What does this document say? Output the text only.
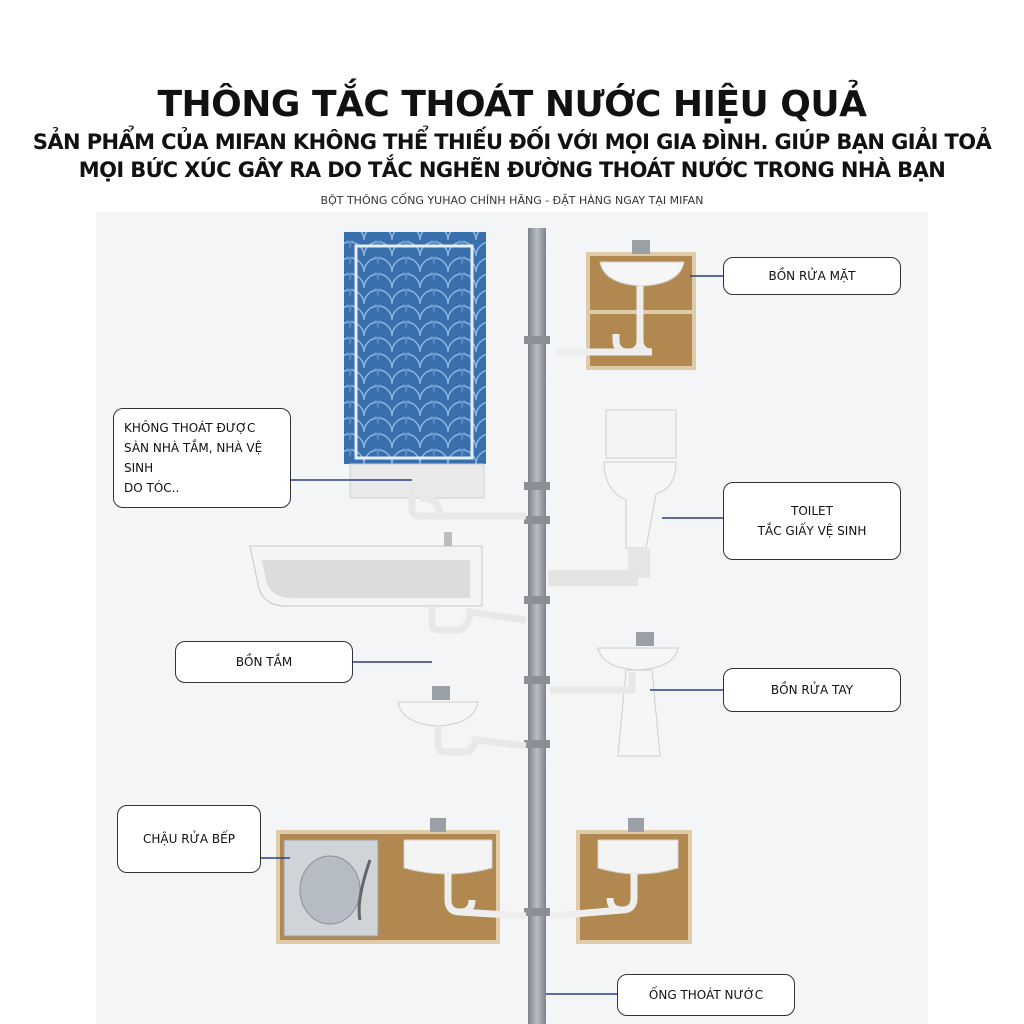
THÔNG TẮC THOÁT NƯỚC HIỆU QUẢ
SẢN PHẨM CỦA MIFAN KHÔNG THỂ THIẾU ĐỐI VỚI MỌI GIA ĐÌNH. GIÚP BẠN GIẢI TOẢ
MỌI BỨC XÚC GÂY RA DO TẮC NGHẼN ĐƯỜNG THOÁT NƯỚC TRONG NHÀ BẠN
BỘT THÔNG CỐNG YUHAO CHÍNH HÃNG - ĐẶT HÀNG NGAY TẠI MIFAN
BỒN RỬA MẶT
KHÔNG THOÁT ĐƯỢC
SÀN NHÀ TẮM, NHÀ VỆ SINH
DO TÓC..
TOILET
TẮC GIẤY VỆ SINH
BỒN TẮM
BỒN RỬA TAY
CHẬU RỬA BẾP
ỐNG THOÁT NƯỚC
